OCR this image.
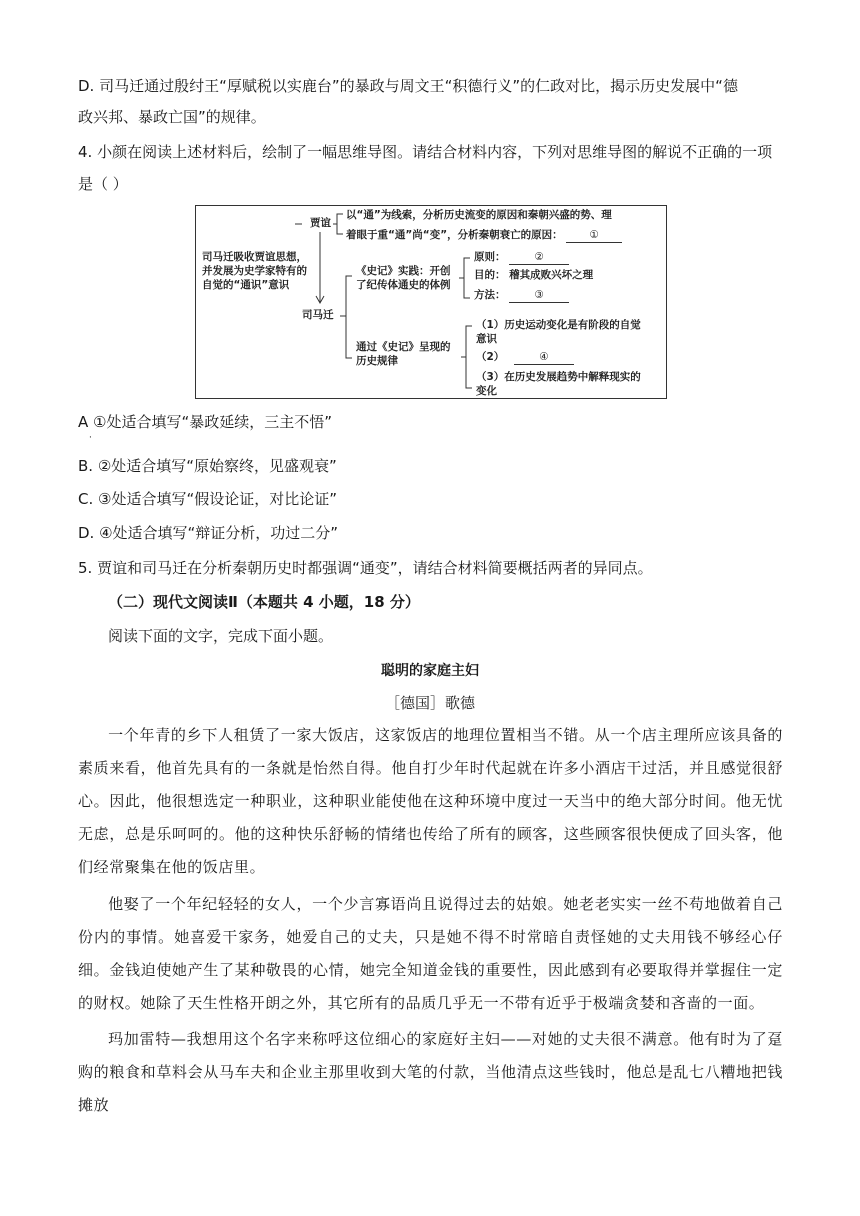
D. 司马迁通过殷纣王“厚赋税以实鹿台”的暴政与周文王“积德行义”的仁政对比，揭示历史发展中“德
政兴邦、暴政亡国”的规律。
4. 小颜在阅读上述材料后，绘制了一幅思维导图。请结合材料内容，下列对思维导图的解说不正确的一项
是（ ）
贾谊
以“通”为线索，分析历史流变的原因和秦朝兴盛的势、理
着眼于重“通”尚“变”，分析秦朝衰亡的原因：	①
司马迁吸收贾谊思想，
并发展为史学家特有的
自觉的“通识”意识
司马迁
《史记》实践：开创
了纪传体通史的体例
原则：	②
目的： 稽其成败兴坏之理
方法：	③
通过《史记》呈现的
历史规律
（1）历史运动变化是有阶段的自觉
意识
（2）	④
（3）在历史发展趋势中解释现实的
变化
A ①处适合填写“暴政延续，三主不悟”
·
B. ②处适合填写“原始察终，见盛观衰”
C. ③处适合填写“假设论证，对比论证”
D. ④处适合填写“辩证分析，功过二分”
5. 贾谊和司马迁在分析秦朝历史时都强调“通变”，请结合材料简要概括两者的异同点。
（二）现代文阅读Ⅱ（本题共 4 小题，18 分）
阅读下面的文字，完成下面小题。
聪明的家庭主妇
［德国］歌德
一个年青的乡下人租赁了一家大饭店，这家饭店的地理位置相当不错。从一个店主理所应该具备的素质来看，他首先具有的一条就是怡然自得。他自打少年时代起就在许多小酒店干过活，并且感觉很舒心。因此，他很想选定一种职业，这种职业能使他在这种环境中度过一天当中的绝大部分时间。他无忧无虑，总是乐呵呵的。他的这种快乐舒畅的情绪也传给了所有的顾客，这些顾客很快便成了回头客，他们经常聚集在他的饭店里。
他娶了一个年纪轻轻的女人，一个少言寡语尚且说得过去的姑娘。她老老实实一丝不苟地做着自己份内的事情。她喜爱干家务，她爱自己的丈夫，只是她不得不时常暗自责怪她的丈夫用钱不够经心仔细。金钱迫使她产生了某种敬畏的心情，她完全知道金钱的重要性，因此感到有必要取得并掌握住一定的财权。她除了天生性格开朗之外，其它所有的品质几乎无一不带有近乎于极端贪婪和吝啬的一面。
玛加雷特—我想用这个名字来称呼这位细心的家庭好主妇——对她的丈夫很不满意。他有时为了趸购的粮食和草料会从马车夫和企业主那里收到大笔的付款，当他清点这些钱时，他总是乱七八糟地把钱摊放
